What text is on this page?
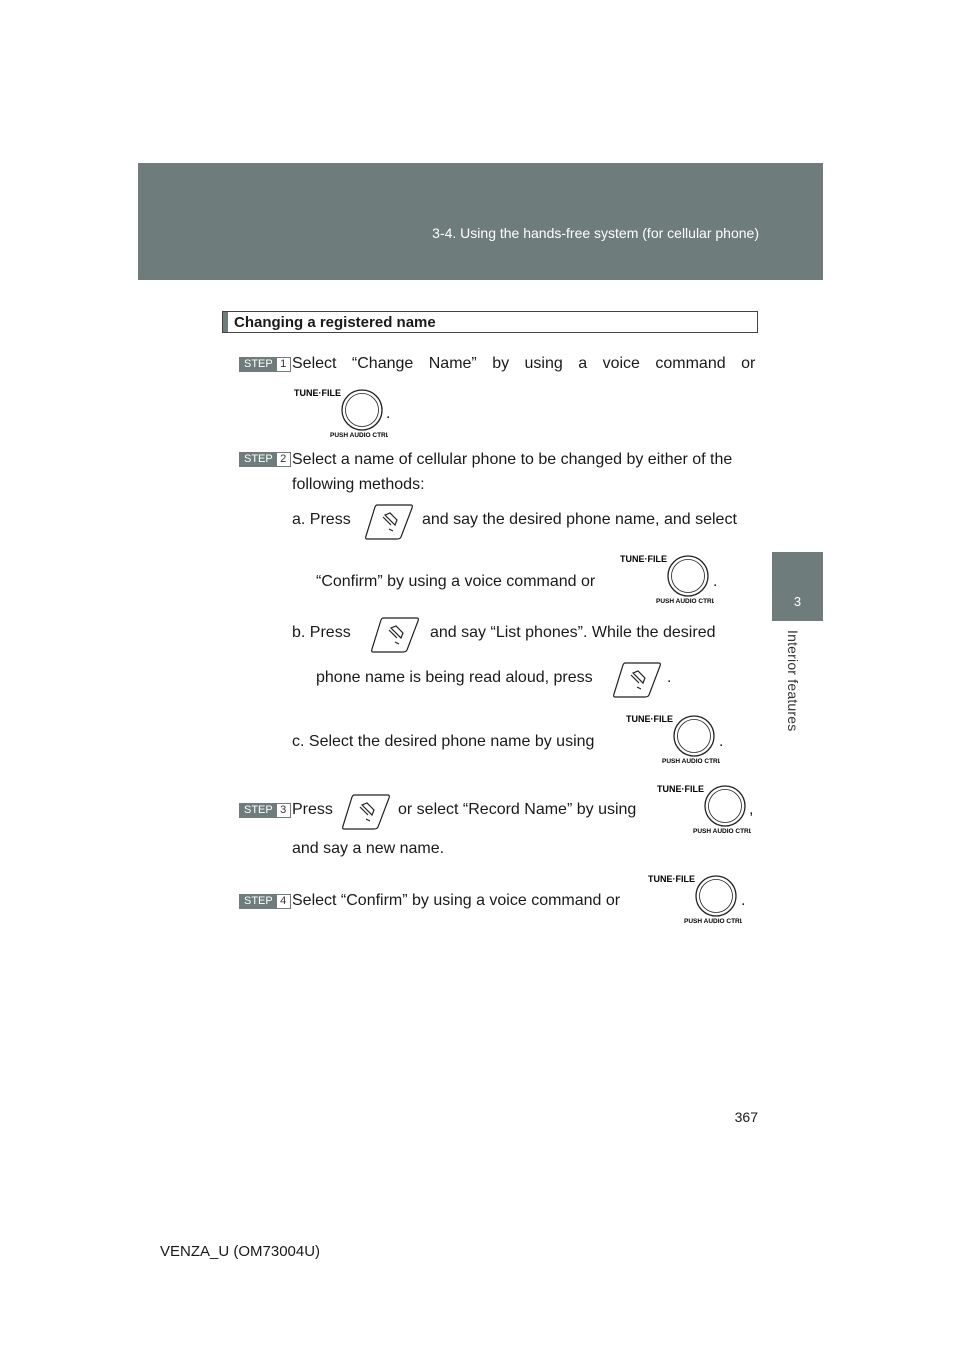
3-4. Using the hands-free system (for cellular phone)
3
Interior features
Changing a registered name
STEP 1 Select “Change Name” by using a voice command or
TUNE·FILE
PUSH AUDIO CTRL
.
STEP 2 Select a name of cellular phone to be changed by either of the
following methods:
a. Press	and say the desired phone name, and select
“Confirm” by using a voice command or
TUNE·FILE
PUSH AUDIO CTRL
.
b. Press	and say “List phones”. While the desired
phone name is being read aloud, press	.
c. Select the desired phone name by using
TUNE·FILE
PUSH AUDIO CTRL
.
STEP 3 Press	or select “Record Name” by using
TUNE·FILE
PUSH AUDIO CTRL
,
and say a new name.
STEP 4 Select “Confirm” by using a voice command or
TUNE·FILE
PUSH AUDIO CTRL
.
367
VENZA_U (OM73004U)
